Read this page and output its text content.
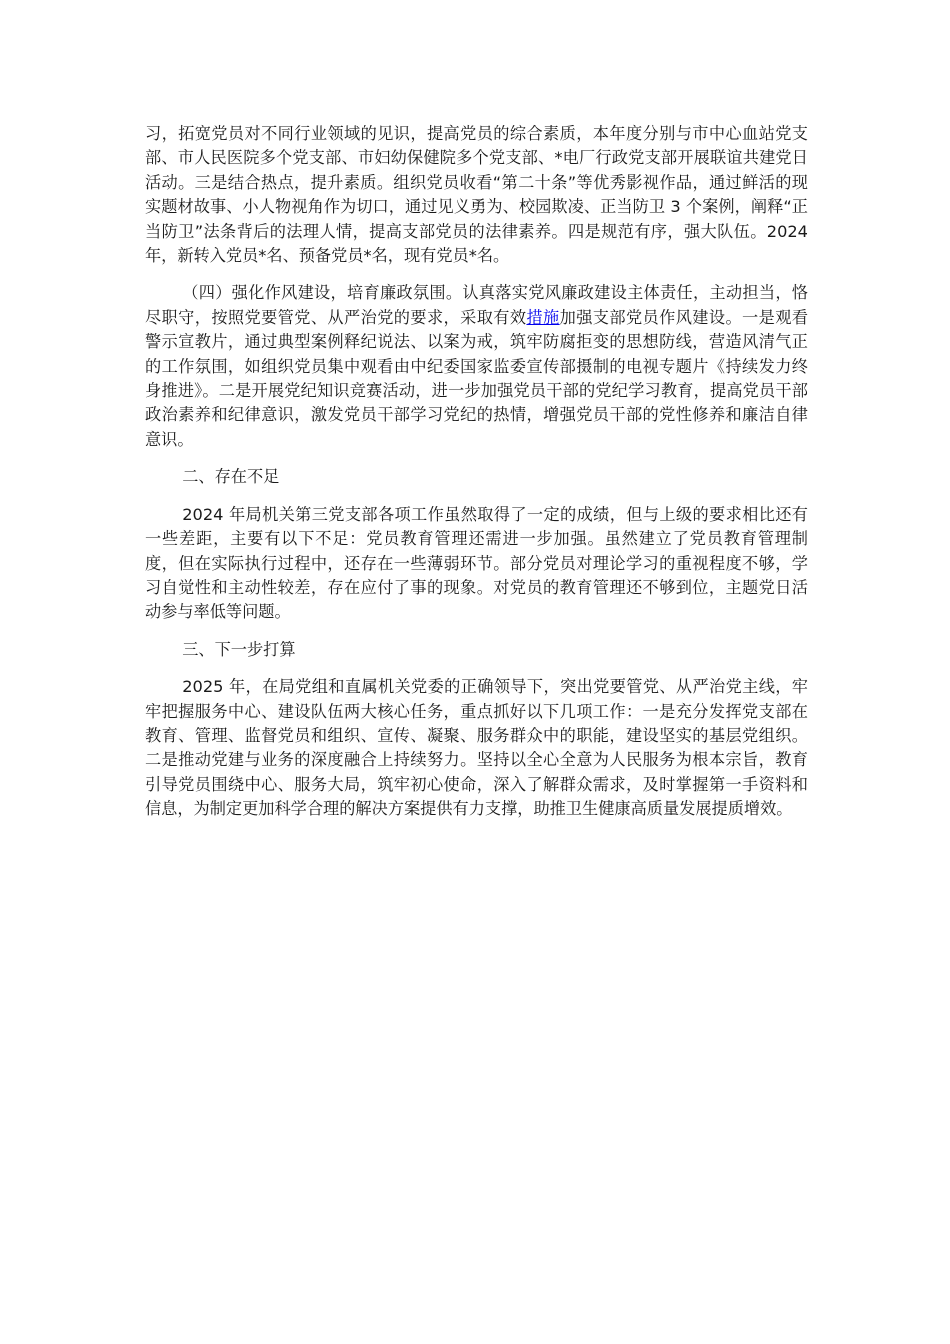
习，拓宽党员对不同行业领域的见识，提高党员的综合素质，本年度分别与市中心血站党支部、市人民医院多个党支部、市妇幼保健院多个党支部、*电厂行政党支部开展联谊共建党日活动。三是结合热点，提升素质。组织党员收看“第二十条”等优秀影视作品，通过鲜活的现实题材故事、小人物视角作为切口，通过见义勇为、校园欺凌、正当防卫 3 个案例，阐释“正当防卫”法条背后的法理人情，提高支部党员的法律素养。四是规范有序，强大队伍。2024 年，新转入党员*名、预备党员*名，现有党员*名。

（四）强化作风建设，培育廉政氛围。认真落实党风廉政建设主体责任，主动担当，恪尽职守，按照党要管党、从严治党的要求，采取有效措施加强支部党员作风建设。一是观看警示宣教片，通过典型案例释纪说法、以案为戒，筑牢防腐拒变的思想防线，营造风清气正的工作氛围，如组织党员集中观看由中纪委国家监委宣传部摄制的电视专题片《持续发力终身推进》。二是开展党纪知识竞赛活动，进一步加强党员干部的党纪学习教育，提高党员干部政治素养和纪律意识，激发党员干部学习党纪的热情，增强党员干部的党性修养和廉洁自律意识。

二、存在不足

2024 年局机关第三党支部各项工作虽然取得了一定的成绩，但与上级的要求相比还有一些差距，主要有以下不足：党员教育管理还需进一步加强。虽然建立了党员教育管理制度，但在实际执行过程中，还存在一些薄弱环节。部分党员对理论学习的重视程度不够，学习自觉性和主动性较差，存在应付了事的现象。对党员的教育管理还不够到位，主题党日活动参与率低等问题。

三、下一步打算

2025 年，在局党组和直属机关党委的正确领导下，突出党要管党、从严治党主线，牢牢把握服务中心、建设队伍两大核心任务，重点抓好以下几项工作：一是充分发挥党支部在教育、管理、监督党员和组织、宣传、凝聚、服务群众中的职能，建设坚实的基层党组织。二是推动党建与业务的深度融合上持续努力。坚持以全心全意为人民服务为根本宗旨，教育引导党员围绕中心、服务大局，筑牢初心使命，深入了解群众需求，及时掌握第一手资料和信息，为制定更加科学合理的解决方案提供有力支撑，助推卫生健康高质量发展提质增效。
